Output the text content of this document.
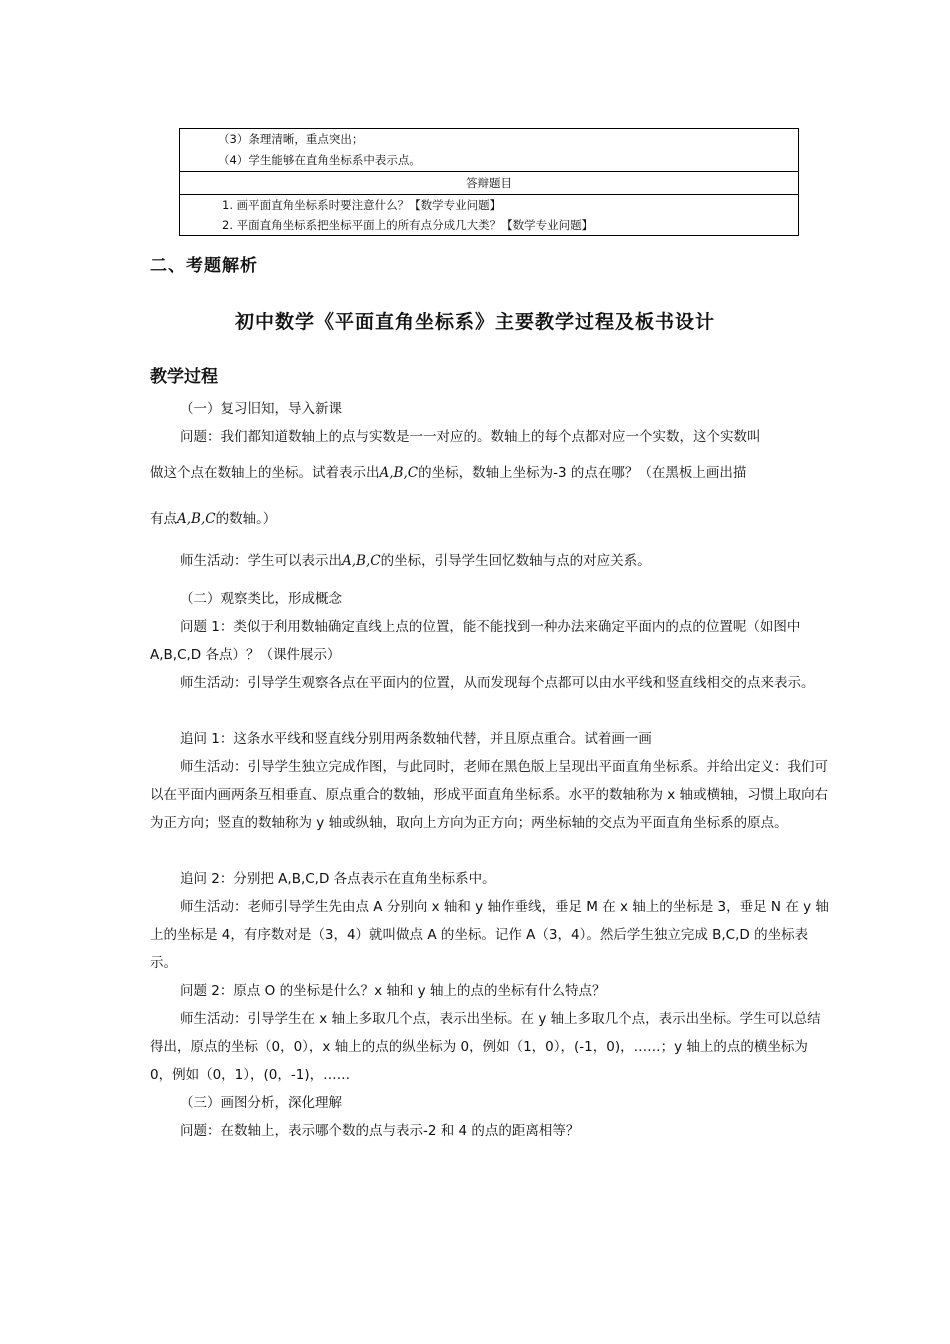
（3）条理清晰，重点突出；
（4）学生能够在直角坐标系中表示点。
答辩题目
1. 画平面直角坐标系时要注意什么？【数学专业问题】
2. 平面直角坐标系把坐标平面上的所有点分成几大类？【数学专业问题】
二、考题解析
初中数学《平面直角坐标系》主要教学过程及板书设计
教学过程
（一）复习旧知，导入新课
问题：我们都知道数轴上的点与实数是一一对应的。数轴上的每个点都对应一个实数，这个实数叫
做这个点在数轴上的坐标。试着表示出A,B,C的坐标，数轴上坐标为-3 的点在哪？（在黑板上画出描
有点A,B,C的数轴。）
师生活动：学生可以表示出A,B,C的坐标，引导学生回忆数轴与点的对应关系。
（二）观察类比，形成概念
问题 1：类似于利用数轴确定直线上点的位置，能不能找到一种办法来确定平面内的点的位置呢（如图中 A,B,C,D 各点）？（课件展示）
师生活动：引导学生观察各点在平面内的位置，从而发现每个点都可以由水平线和竖直线相交的点来表示。
追问 1：这条水平线和竖直线分别用两条数轴代替，并且原点重合。试着画一画
师生活动：引导学生独立完成作图，与此同时，老师在黑色版上呈现出平面直角坐标系。并给出定义：我们可以在平面内画两条互相垂直、原点重合的数轴，形成平面直角坐标系。水平的数轴称为 x 轴或横轴，习惯上取向右为正方向；竖直的数轴称为 y 轴或纵轴，取向上方向为正方向；两坐标轴的交点为平面直角坐标系的原点。
追问 2：分别把 A,B,C,D 各点表示在直角坐标系中。
师生活动：老师引导学生先由点 A 分别向 x 轴和 y 轴作垂线，垂足 M 在 x 轴上的坐标是 3，垂足 N 在 y 轴上的坐标是 4，有序数对是（3，4）就叫做点 A 的坐标。记作 A（3，4）。然后学生独立完成 B,C,D 的坐标表示。
问题 2：原点 O 的坐标是什么？x 轴和 y 轴上的点的坐标有什么特点？
师生活动：引导学生在 x 轴上多取几个点，表示出坐标。在 y 轴上多取几个点，表示出坐标。学生可以总结得出，原点的坐标（0，0），x 轴上的点的纵坐标为 0，例如（1，0），(-1，0)，……；y 轴上的点的横坐标为 0，例如（0，1），(0，-1)，……
（三）画图分析，深化理解
问题：在数轴上，表示哪个数的点与表示-2 和 4 的点的距离相等？
